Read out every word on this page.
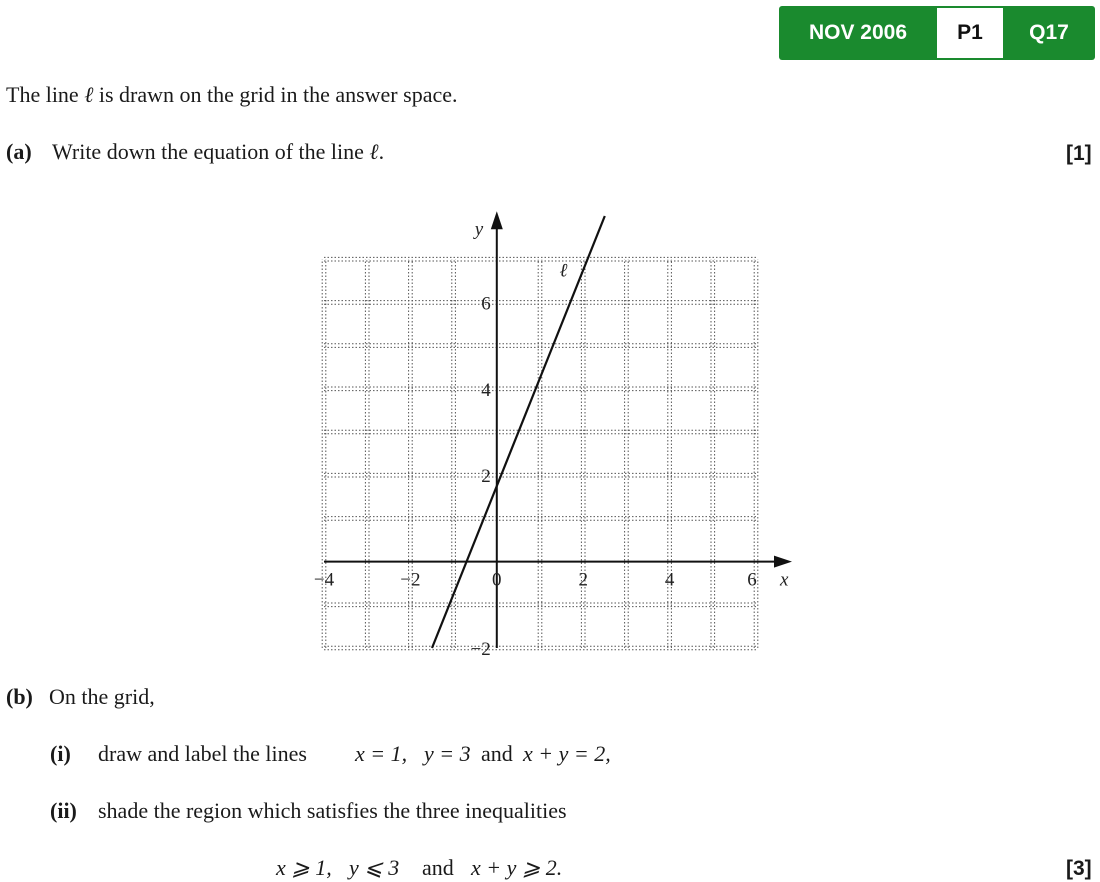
NOV 2006	P1	Q17
The line ℓ is drawn on the grid in the answer space.
(a) Write down the equation of the line ℓ.	[1]
x
y
−4	−2	0	2	4	6
6
4
2
−2
ℓ
(b) On the grid,
(i) draw and label the lines x = 1, y = 3 and x + y = 2,
(ii) shade the region which satisfies the three inequalities
x ⩾ 1, y ⩽ 3 and x + y ⩾ 2.	[3]
